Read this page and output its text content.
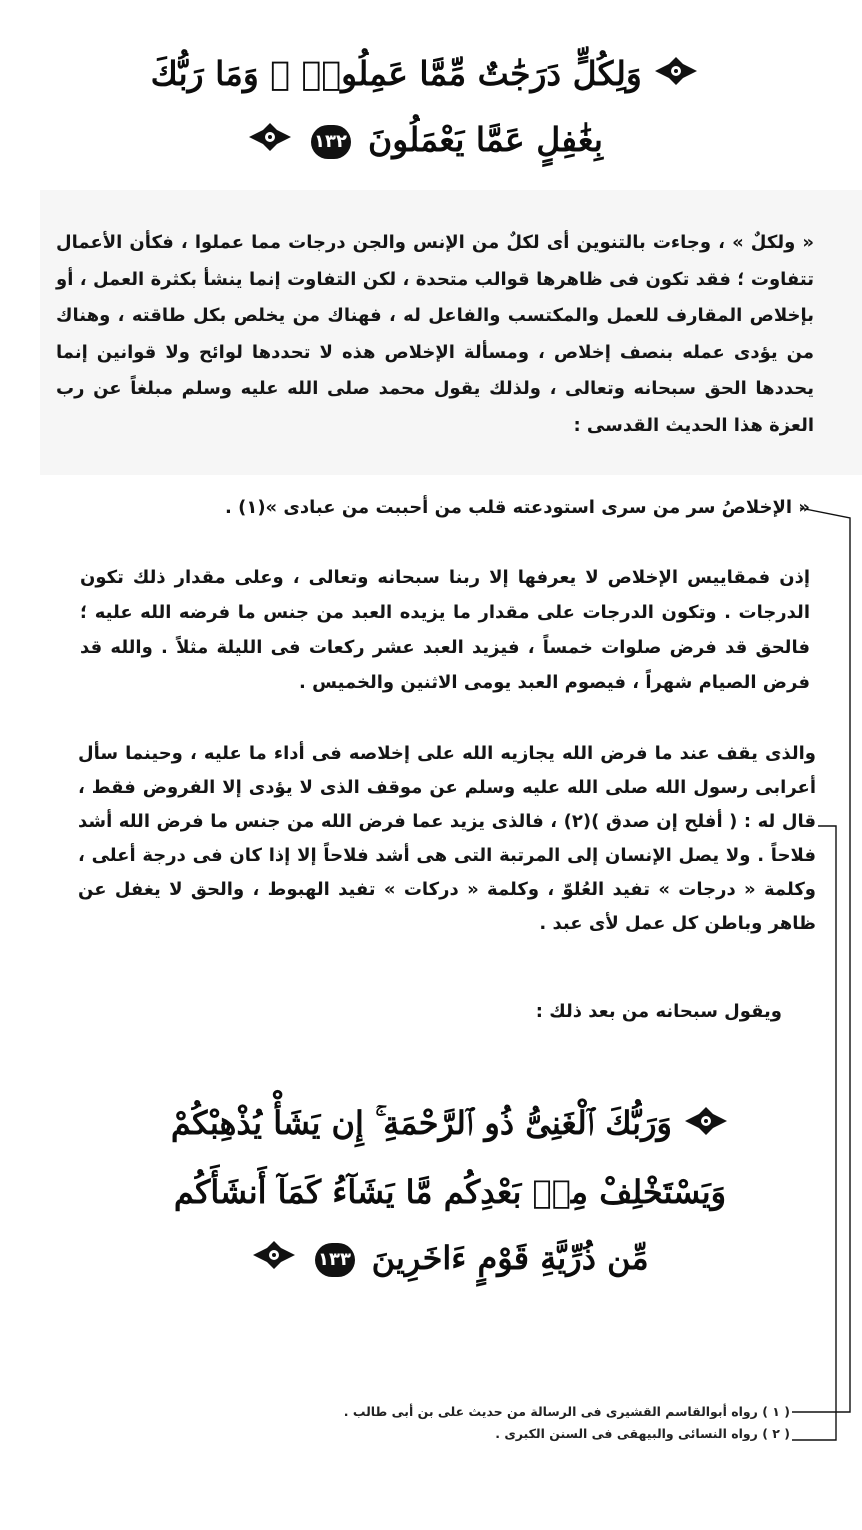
وَلِكُلٍّ دَرَجَٰتٌ مِّمَّا عَمِلُوا۟ ۚ وَمَا رَبُّكَ
بِغَٰفِلٍ عَمَّا يَعْمَلُونَ ١٣٢

« ولكلٌ » ، وجاءت بالتنوين أى لكلٌ من الإنس والجن درجات مما عملوا ، فكأن الأعمال تتفاوت ؛ فقد تكون فى ظاهرها قوالب متحدة ، لكن التفاوت إنما ينشأ بكثرة العمل ، أو بإخلاص المقارف للعمل والمكتسب والفاعل له ، فهناك من يخلص بكل طاقته ، وهناك من يؤدى عمله بنصف إخلاص ، ومسألة الإخلاص هذه لا تحددها لوائح ولا قوانين إنما يحددها الحق سبحانه وتعالى ، ولذلك يقول محمد صلى الله عليه وسلم مبلغاً عن رب العزة هذا الحديث القدسى :

« الإخلاصُ سر من سرى استودعته قلب من أحببت من عبادى »(١) .

إذن فمقاييس الإخلاص لا يعرفها إلا ربنا سبحانه وتعالى ، وعلى مقدار ذلك تكون الدرجات . وتكون الدرجات على مقدار ما يزيده العبد من جنس ما فرضه الله عليه ؛ فالحق قد فرض صلوات خمساً ، فيزيد العبد عشر ركعات فى الليلة مثلاً . والله قد فرض الصيام شهراً ، فيصوم العبد يومى الاثنين والخميس .

والذى يقف عند ما فرض الله يجازيه الله على إخلاصه فى أداء ما عليه ، وحينما سأل أعرابى رسول الله صلى الله عليه وسلم عن موقف الذى لا يؤدى إلا الفروض فقط ، قال له : ( أفلح إن صدق )(٢) ، فالذى يزيد عما فرض الله من جنس ما فرض الله أشد فلاحاً . ولا يصل الإنسان إلى المرتبة التى هى أشد فلاحاً إلا إذا كان فى درجة أعلى ، وكلمة « درجات » تفيد العُلوّ ، وكلمة « دركات » تفيد الهبوط ، والحق لا يغفل عن ظاهر وباطن كل عمل لأى عبد .

ويقول سبحانه من بعد ذلك :

وَرَبُّكَ ٱلْغَنِىُّ ذُو ٱلرَّحْمَةِ ۚ إِن يَشَأْ يُذْهِبْكُمْ
وَيَسْتَخْلِفْ مِنۢ بَعْدِكُم مَّا يَشَآءُ كَمَآ أَنشَأَكُم
مِّن ذُرِّيَّةِ قَوْمٍ ءَاخَرِينَ ١٣٣
( ١ ) رواه أبوالقاسم القشيرى فى الرسالة من حديث على بن أبى طالب .
( ٢ ) رواه النسائى والبيهقى فى السنن الكبرى .
